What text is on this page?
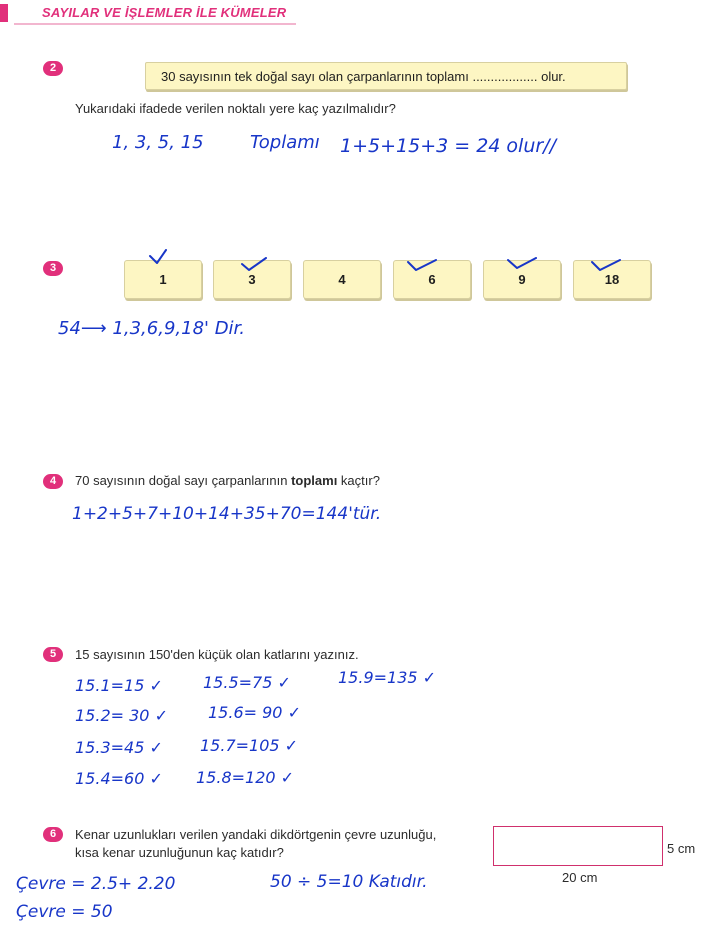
SAYILAR VE İŞLEMLER İLE KÜMELER
2
30 sayısının tek doğal sayı olan çarpanlarının toplamı .................. olur.
Yukarıdaki ifadede verilen noktalı yere kaç yazılmalıdır?
1, 3, 5, 15	Toplamı 1+5+15+3 = 24 olur//
3
1	3	4	6	9	18
54⟶ 1,3,6,9,18' Dir.
4	70 sayısının doğal sayı çarpanlarının toplamı kaçtır?
1+2+5+7+10+14+35+70=144'tür.
5	15 sayısının 150'den küçük olan katlarını yazınız.
15.1=15 ✓
15.2= 30 ✓
15.3=45 ✓
15.4=60 ✓
15.5=75 ✓
15.6= 90 ✓
15.7=105 ✓
15.8=120 ✓
15.9=135 ✓
6	Kenar uzunlukları verilen yandaki dikdörtgenin çevre uzunluğu,
kısa kenar uzunluğunun kaç katıdır?	5 cm
20 cm
Çevre = 2.5+ 2.20	50 ÷ 5=10 Katıdır.
Çevre = 50
